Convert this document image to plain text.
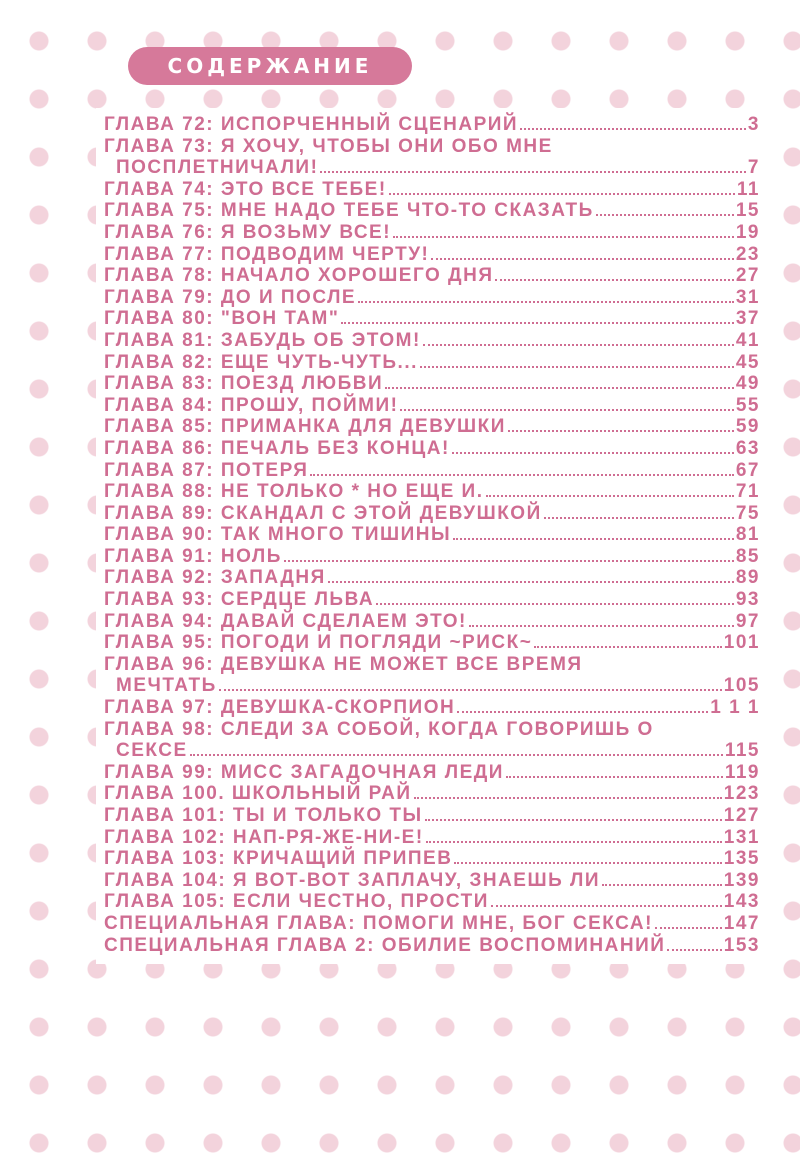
СОДЕРЖАНИЕ
ГЛАВА 72: ИСПОРЧЕННЫЙ СЦЕНАРИЙ	3
ГЛАВА 73: Я ХОЧУ, ЧТОБЫ ОНИ ОБО МНЕ
ПОСПЛЕТНИЧАЛИ!	7
ГЛАВА 74: ЭТО ВСЕ ТЕБЕ!	11
ГЛАВА 75: МНЕ НАДО ТЕБЕ ЧТО-ТО СКАЗАТЬ	15
ГЛАВА 76: Я ВОЗЬМУ ВСЕ!	19
ГЛАВА 77: ПОДВОДИМ ЧЕРТУ!	23
ГЛАВА 78: НАЧАЛО ХОРОШЕГО ДНЯ	27
ГЛАВА 79: ДО И ПОСЛЕ	31
ГЛАВА 80: "ВОН ТАМ"	37
ГЛАВА 81: ЗАБУДЬ ОБ ЭТОМ!	41
ГЛАВА 82: ЕЩЕ ЧУТЬ-ЧУТЬ...	45
ГЛАВА 83: ПОЕЗД ЛЮБВИ	49
ГЛАВА 84: ПРОШУ, ПОЙМИ!	55
ГЛАВА 85: ПРИМАНКА ДЛЯ ДЕВУШКИ	59
ГЛАВА 86: ПЕЧАЛЬ БЕЗ КОНЦА!	63
ГЛАВА 87: ПОТЕРЯ	67
ГЛАВА 88: НЕ ТОЛЬКО * НО ЕЩЕ И.	71
ГЛАВА 89: СКАНДАЛ С ЭТОЙ ДЕВУШКОЙ	75
ГЛАВА 90: ТАК МНОГО ТИШИНЫ	81
ГЛАВА 91: НОЛЬ	85
ГЛАВА 92: ЗАПАДНЯ	89
ГЛАВА 93: СЕРДЦЕ ЛЬВА	93
ГЛАВА 94: ДАВАЙ СДЕЛАЕМ ЭТО!	97
ГЛАВА 95: ПОГОДИ И ПОГЛЯДИ ~РИСК~	101
ГЛАВА 96: ДЕВУШКА НЕ МОЖЕТ ВСЕ ВРЕМЯ
МЕЧТАТЬ	105
ГЛАВА 97: ДЕВУШКА-СКОРПИОН	1 1 1
ГЛАВА 98: СЛЕДИ ЗА СОБОЙ, КОГДА ГОВОРИШЬ О
СЕКСЕ	115
ГЛАВА 99: МИСС ЗАГАДОЧНАЯ ЛЕДИ	119
ГЛАВА 100. ШКОЛЬНЫЙ РАЙ	123
ГЛАВА 101: ТЫ И ТОЛЬКО ТЫ	127
ГЛАВА 102: НАП-РЯ-ЖЕ-НИ-Е!	131
ГЛАВА 103: КРИЧАЩИЙ ПРИПЕВ	135
ГЛАВА 104: Я ВОТ-ВОТ ЗАПЛАЧУ, ЗНАЕШЬ ЛИ	139
ГЛАВА 105: ЕСЛИ ЧЕСТНО, ПРОСТИ	143
СПЕЦИАЛЬНАЯ ГЛАВА: ПОМОГИ МНЕ, БОГ СЕКСА!	147
СПЕЦИАЛЬНАЯ ГЛАВА 2: ОБИЛИЕ ВОСПОМИНАНИЙ	153
